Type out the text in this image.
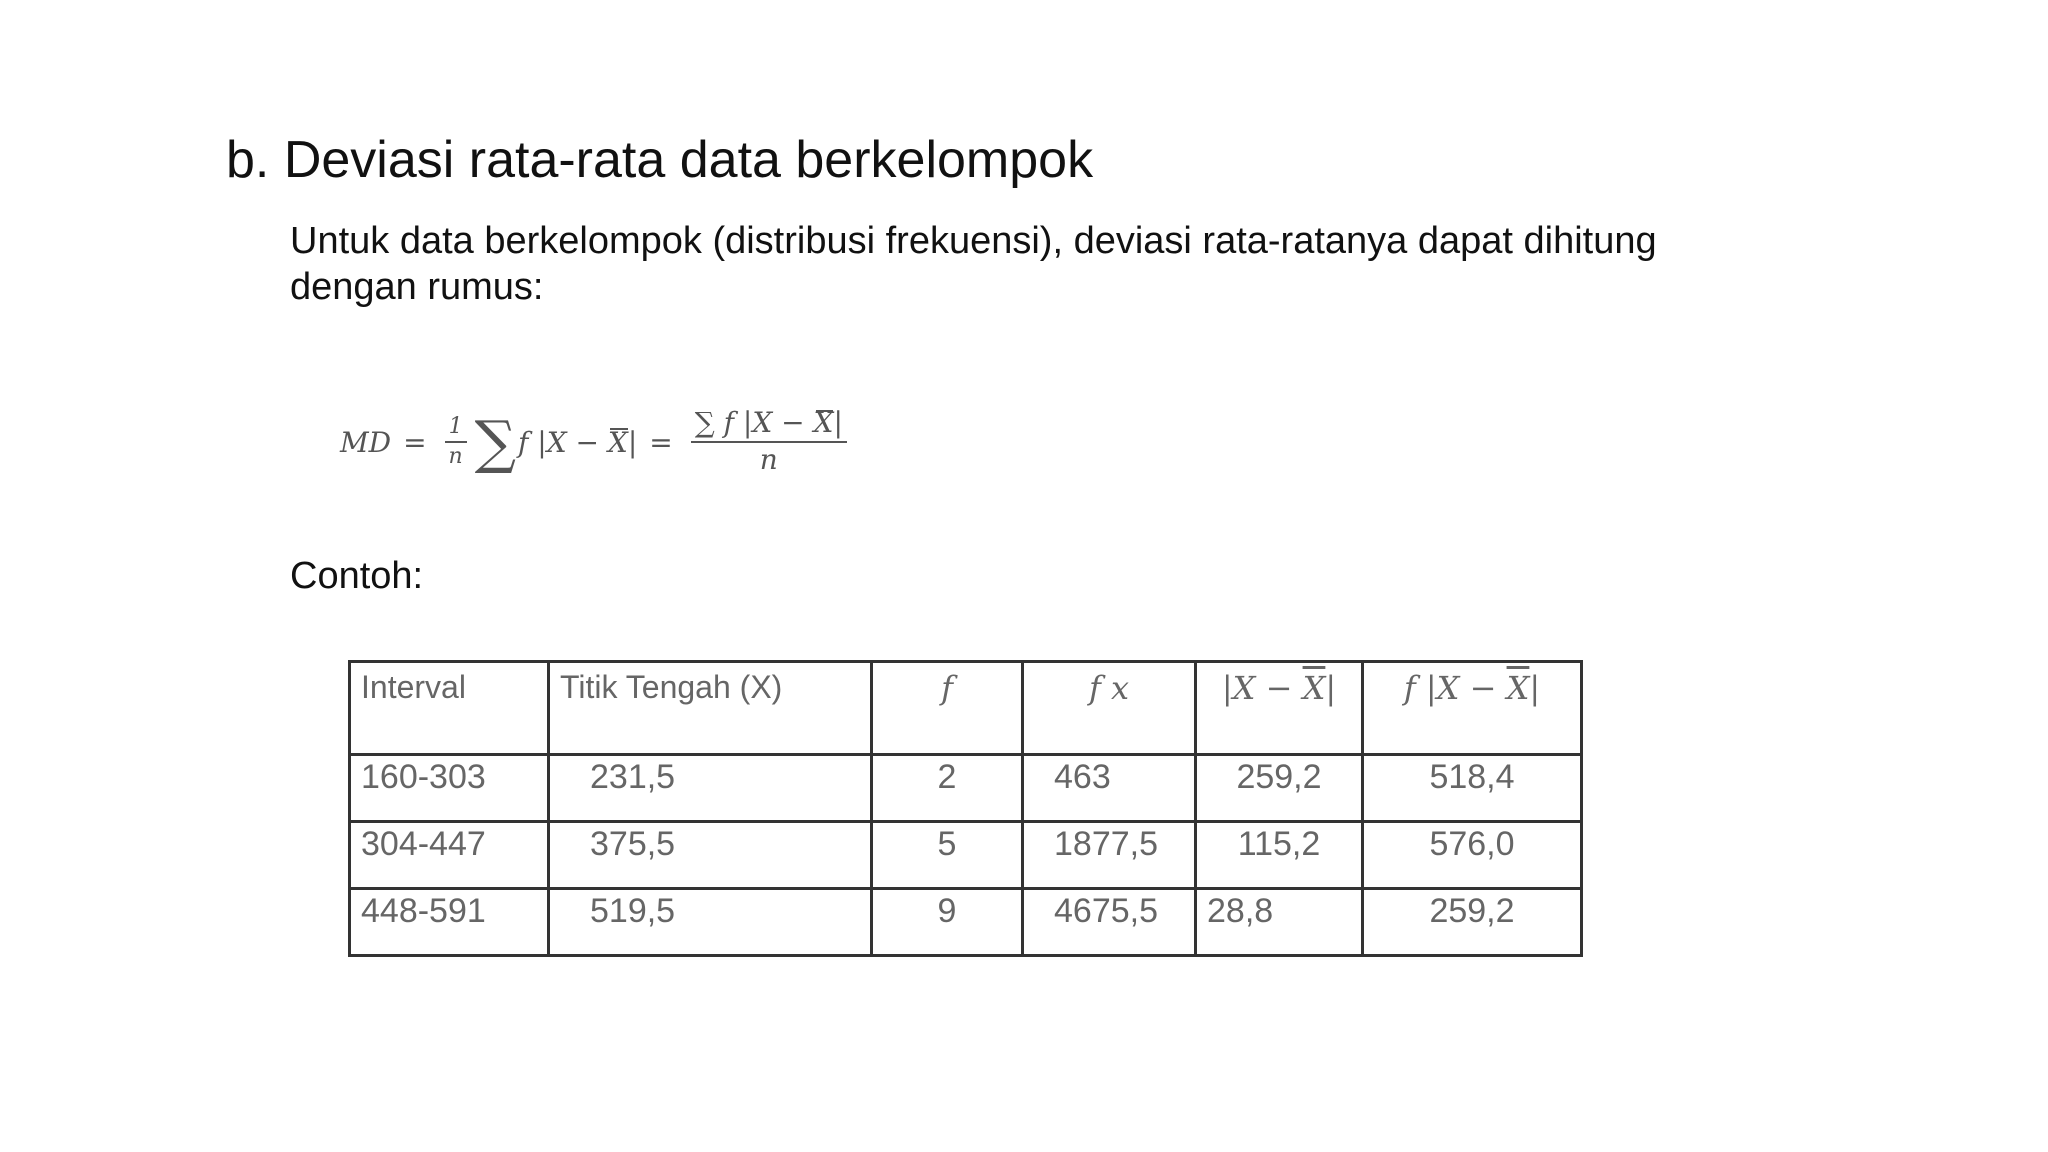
b. Deviasi rata-rata data berkelompok
Untuk data berkelompok (distribusi frekuensi), deviasi rata-ratanya dapat dihitung dengan rumus:
MD = $\frac{1}{n}$ ∑ f $|X - X| = \frac{\sum f |X - X|}{n}$
Contoh:
Interval	Titik Tengah (X)	f	f x	$|X - \overline{X}|$	f $|X - \overline{X}|$
160-303	231,5	2	463	259,2	518,4
304-447	375,5	5	1877,5	115,2	576,0
448-591	519,5	9	4675,5	28,8	259,2
